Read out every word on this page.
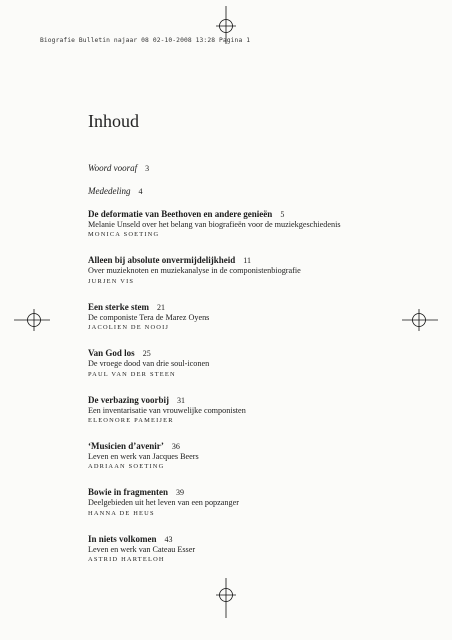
Biografie Bulletin najaar 08 02-10-2008 13:28 Pagina 1
Inhoud
Woord vooraf 3
Mededeling 4
De deformatie van Beethoven en andere genieën 5
Melanie Unseld over het belang van biografieën voor de muziekgeschiedenis
MONICA SOETING
Alleen bij absolute onvermijdelijkheid 11
Over muzieknoten en muziekanalyse in de componistenbiografie
JURJEN VIS
Een sterke stem 21
De componiste Tera de Marez Oyens
JACOLIEN DE NOOIJ
Van God los 25
De vroege dood van drie soul-iconen
PAUL VAN DER STEEN
De verbazing voorbij 31
Een inventarisatie van vrouwelijke componisten
ELEONORE PAMEIJER
‘Musicien d’avenir’ 36
Leven en werk van Jacques Beers
ADRIAAN SOETING
Bowie in fragmenten 39
Deelgebieden uit het leven van een popzanger
HANNA DE HEUS
In niets volkomen 43
Leven en werk van Cateau Esser
ASTRID HARTELOH
